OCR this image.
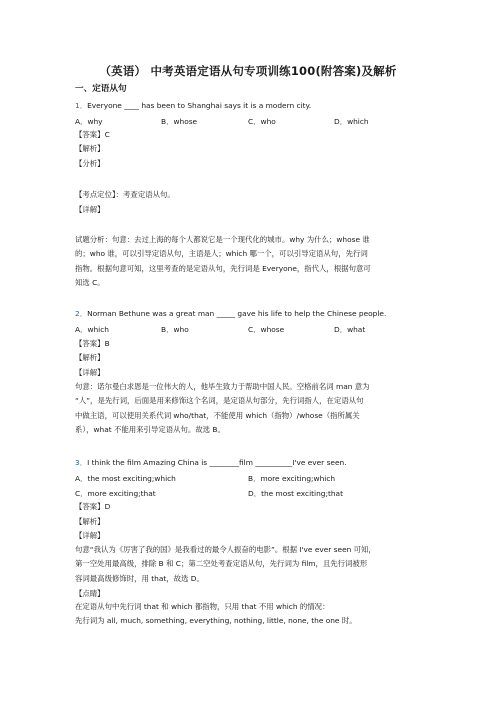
（英语） 中考英语定语从句专项训练100(附答案)及解析
一、定语从句
1．Everyone ____ has been to Shanghai says it is a modern city.
A．why	B．whose	C．who	D．which
【答案】C
【解析】
【分析】
【考点定位】：考查定语从句。
【详解】
试题分析：句意：去过上海的每个人都说它是一个现代化的城市。why 为什么；whose 谁
的；who 谁，可以引导定语从句，主语是人；which 哪一个，可以引导定语从句，先行词
指物。根据句意可知，这里考查的是定语从句，先行词是 Everyone，指代人，根据句意可
知选 C。
2．Norman Bethune was a great man _____ gave his life to help the Chinese people.
A．which	B．who	C．whose	D．what
【答案】B
【解析】
【详解】
句意：诺尔曼白求恩是一位伟大的人，他毕生致力于帮助中国人民。空格前名词 man 意为
“人”，是先行词，后面是用来修饰这个名词，是定语从句部分，先行词指人，在定语从句
中做主语，可以使用关系代词 who/that，不能使用 which（指物）/whose（指所属关
系），what 不能用来引导定语从句。故选 B。
3．I think the film Amazing China is ________film __________I've ever seen.
A．the most exciting;which	B．more exciting;which
C．more exciting;that	D．the most exciting;that
【答案】D
【解析】
【详解】
句意“我认为《厉害了我的国》是我看过的最令人振奋的电影”。根据 I've ever seen 可知，
第一空处用最高级，排除 B 和 C；第二空处考查定语从句，先行词为 film，且先行词被形
容词最高级修饰时，用 that，故选 D。
【点睛】
在定语从句中先行词 that 和 which 都指物，只用 that 不用 which 的情况：
先行词为 all, much, something, everything, nothing, little, none, the one 时。
